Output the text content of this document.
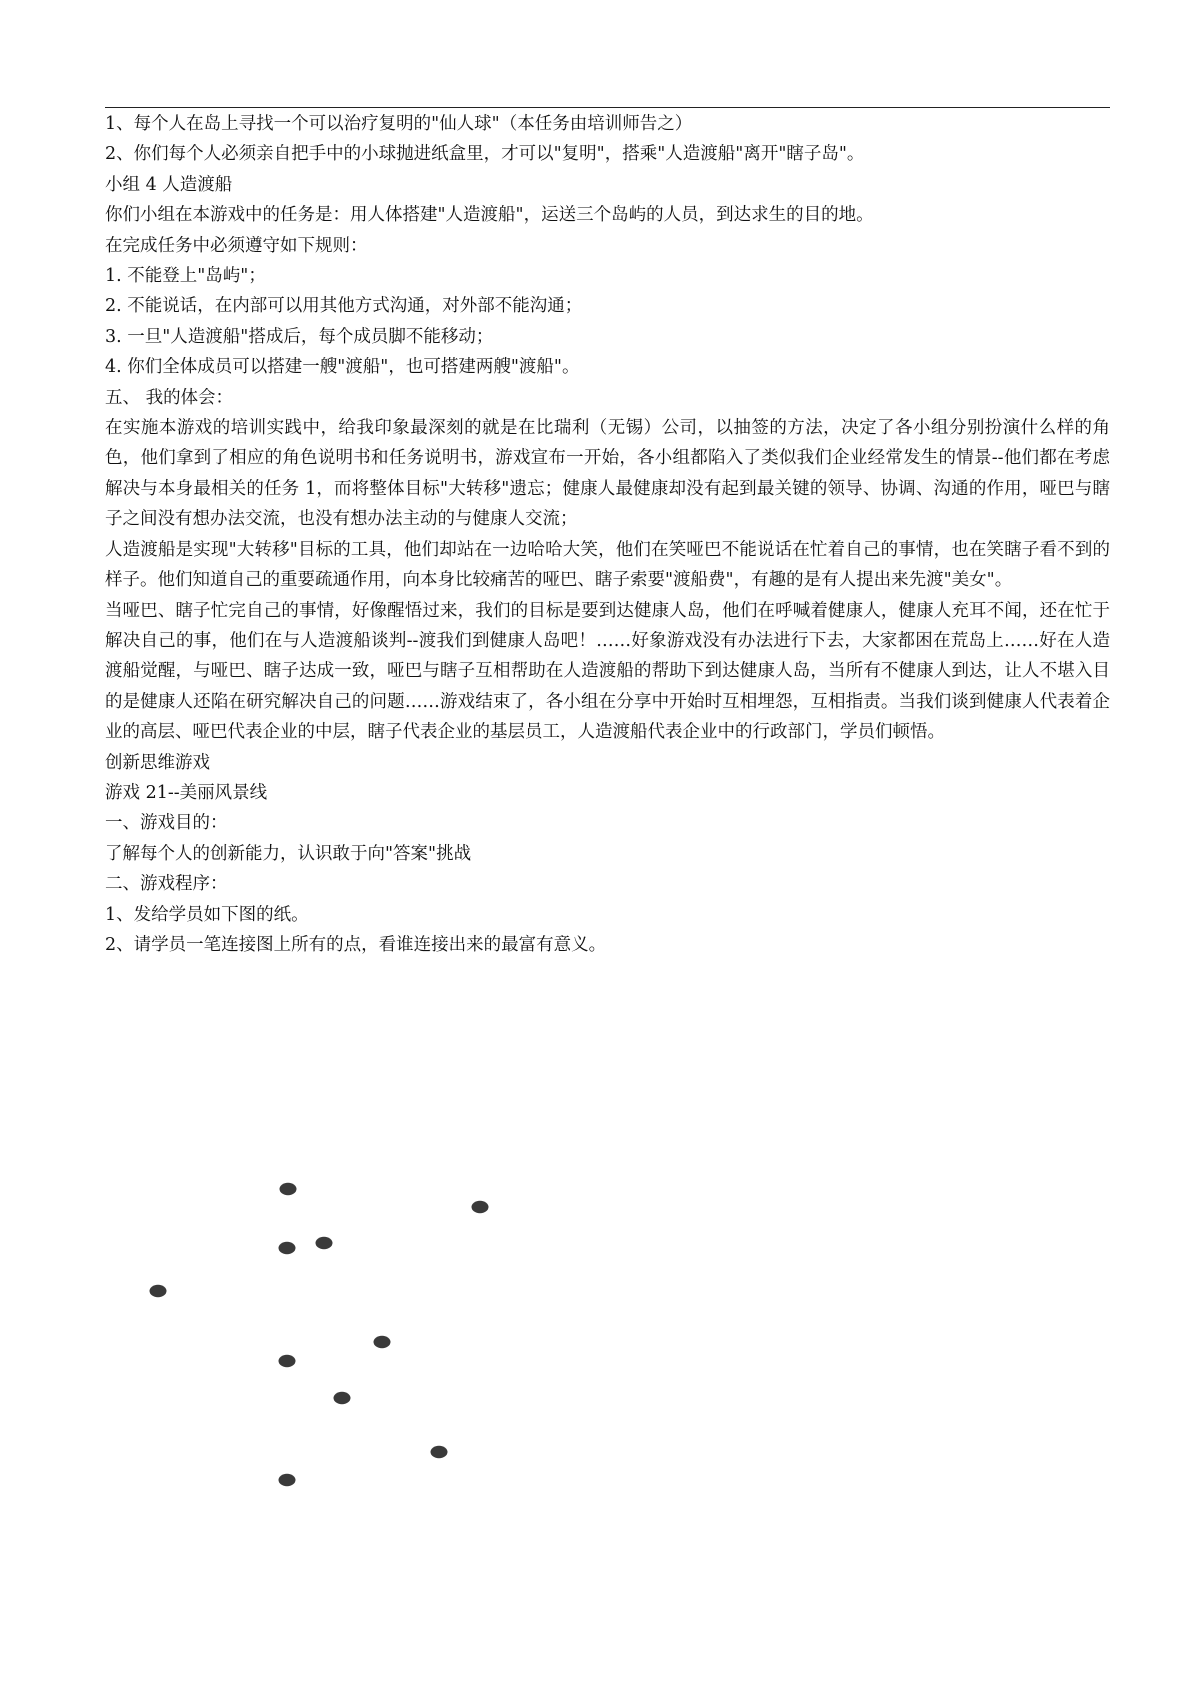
1、每个人在岛上寻找一个可以治疗复明的"仙人球"（本任务由培训师告之）

2、你们每个人必须亲自把手中的小球抛进纸盒里，才可以"复明"，搭乘"人造渡船"离开"瞎子岛"。

小组 4 人造渡船

你们小组在本游戏中的任务是：用人体搭建"人造渡船"，运送三个岛屿的人员，到达求生的目的地。

在完成任务中必须遵守如下规则：

1. 不能登上"岛屿"；

2. 不能说话，在内部可以用其他方式沟通，对外部不能沟通；

3. 一旦"人造渡船"搭成后，每个成员脚不能移动；

4. 你们全体成员可以搭建一艘"渡船"，也可搭建两艘"渡船"。

五、 我的体会：

在实施本游戏的培训实践中，给我印象最深刻的就是在比瑞利（无锡）公司，以抽签的方法，决定了各小组分别扮演什么样的角色，他们拿到了相应的角色说明书和任务说明书，游戏宣布一开始，各小组都陷入了类似我们企业经常发生的情景--他们都在考虑解决与本身最相关的任务 1，而将整体目标"大转移"遗忘；健康人最健康却没有起到最关键的领导、协调、沟通的作用，哑巴与瞎子之间没有想办法交流，也没有想办法主动的与健康人交流；

人造渡船是实现"大转移"目标的工具，他们却站在一边哈哈大笑，他们在笑哑巴不能说话在忙着自己的事情，也在笑瞎子看不到的样子。他们知道自己的重要疏通作用，向本身比较痛苦的哑巴、瞎子索要"渡船费"，有趣的是有人提出来先渡"美女"。

当哑巴、瞎子忙完自己的事情，好像醒悟过来，我们的目标是要到达健康人岛，他们在呼喊着健康人，健康人充耳不闻，还在忙于解决自己的事，他们在与人造渡船谈判--渡我们到健康人岛吧！……好象游戏没有办法进行下去，大家都困在荒岛上……好在人造渡船觉醒，与哑巴、瞎子达成一致，哑巴与瞎子互相帮助在人造渡船的帮助下到达健康人岛，当所有不健康人到达，让人不堪入目的是健康人还陷在研究解决自己的问题……游戏结束了，各小组在分享中开始时互相埋怨，互相指责。当我们谈到健康人代表着企业的高层、哑巴代表企业的中层，瞎子代表企业的基层员工，人造渡船代表企业中的行政部门，学员们顿悟。

创新思维游戏

游戏 21--美丽风景线

一、游戏目的：

了解每个人的创新能力，认识敢于向"答案"挑战

二、游戏程序：

1、发给学员如下图的纸。

2、请学员一笔连接图上所有的点，看谁连接出来的最富有意义。
